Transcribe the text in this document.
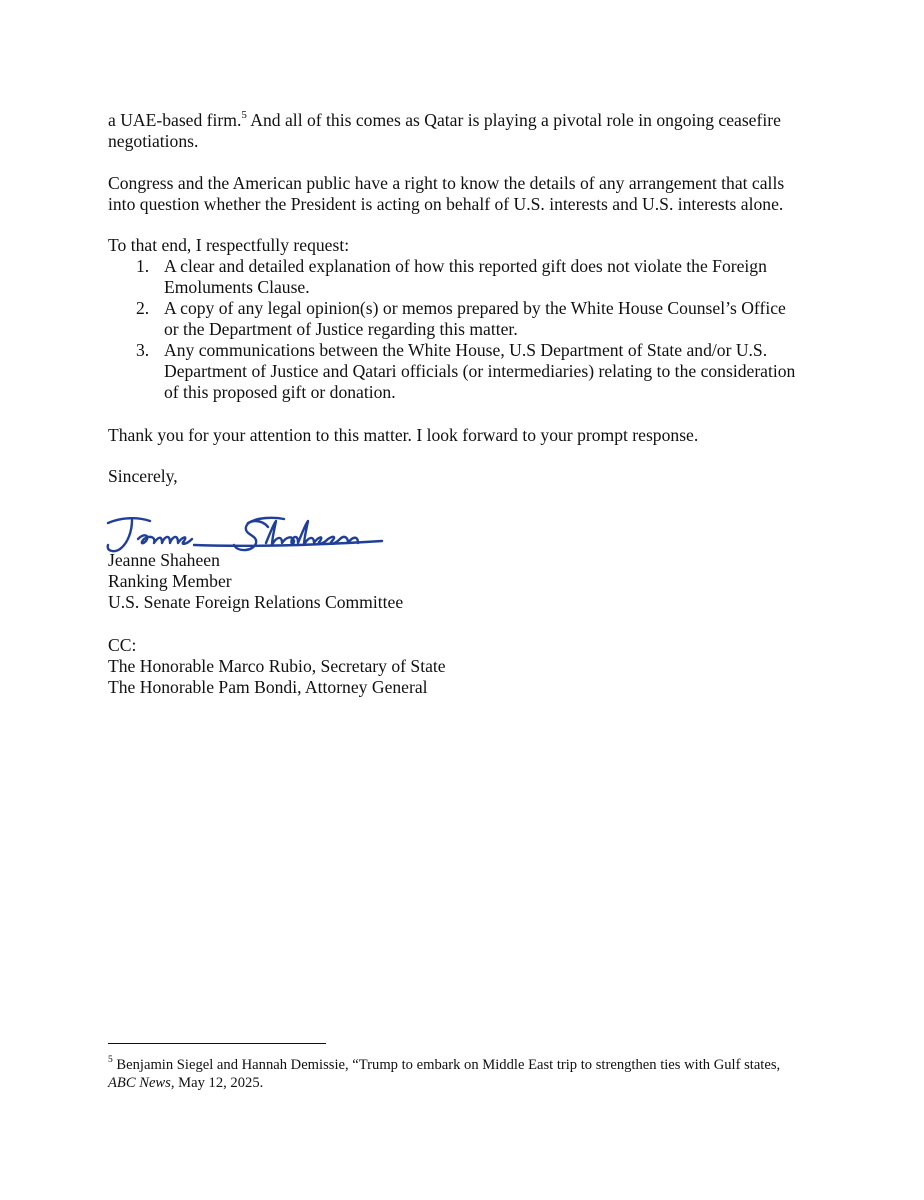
a UAE-based firm.$^5$ And all of this comes as Qatar is playing a pivotal role in ongoing ceasefire

negotiations.

Congress and the American public have a right to know the details of any arrangement that calls

into question whether the President is acting on behalf of U.S. interests and U.S. interests alone.

To that end, I respectfully request:

1. A clear and detailed explanation of how this reported gift does not violate the Foreign

Emoluments Clause.

2. A copy of any legal opinion(s) or memos prepared by the White House Counsel’s Office

or the Department of Justice regarding this matter.

3. Any communications between the White House, U.S Department of State and/or U.S.

Department of Justice and Qatari officials (or intermediaries) relating to the consideration

of this proposed gift or donation.

Thank you for your attention to this matter. I look forward to your prompt response.

Sincerely,

Jeanne Shaheen

Ranking Member

U.S. Senate Foreign Relations Committee

CC:

The Honorable Marco Rubio, Secretary of State

The Honorable Pam Bondi, Attorney General

$^5$ Benjamin Siegel and Hannah Demissie, “Trump to embark on Middle East trip to strengthen ties with Gulf states,

ABC News, May 12, 2025.
